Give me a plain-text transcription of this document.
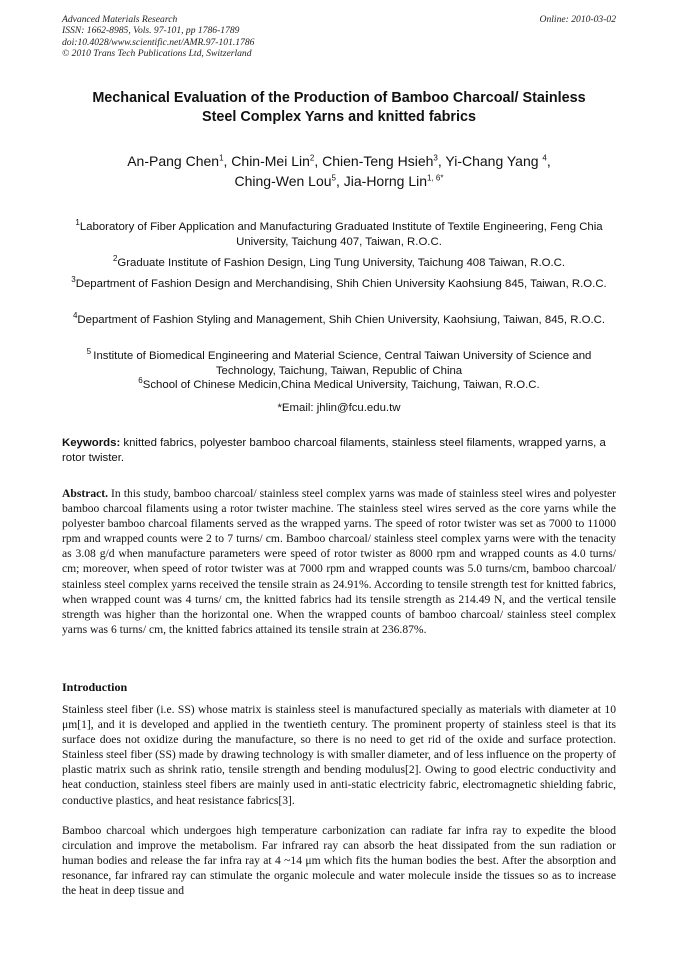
Advanced Materials Research
ISSN: 1662-8985, Vols. 97-101, pp 1786-1789
doi:10.4028/www.scientific.net/AMR.97-101.1786
© 2010 Trans Tech Publications Ltd, Switzerland
Online: 2010-03-02
Mechanical Evaluation of the Production of Bamboo Charcoal/ Stainless
Steel Complex Yarns and knitted fabrics
An-Pang Chen$^1$, Chin-Mei Lin$^2$, Chien-Teng Hsieh$^3$, Yi-Chang Yang $^4$,
Ching-Wen Lou$^5$, Jia-Horng Lin$^{1, 6*}$
$^1$Laboratory of Fiber Application and Manufacturing Graduated Institute of Textile Engineering, Feng Chia University, Taichung 407, Taiwan, R.O.C.
$^2$Graduate Institute of Fashion Design, Ling Tung University, Taichung 408 Taiwan, R.O.C.
$^3$Department of Fashion Design and Merchandising, Shih Chien University Kaohsiung 845, Taiwan, R.O.C.
$^4$Department of Fashion Styling and Management, Shih Chien University, Kaohsiung, Taiwan, 845, R.O.C.
$^5$ Institute of Biomedical Engineering and Material Science, Central Taiwan University of Science and Technology, Taichung, Taiwan, Republic of China
$^6$School of Chinese Medicin,China Medical University, Taichung, Taiwan, R.O.C.
*Email: jhlin@fcu.edu.tw
Keywords: knitted fabrics, polyester bamboo charcoal filaments, stainless steel filaments, wrapped yarns, a rotor twister.
Abstract. In this study, bamboo charcoal/ stainless steel complex yarns was made of stainless steel wires and polyester bamboo charcoal filaments using a rotor twister machine. The stainless steel wires served as the core yarns while the polyester bamboo charcoal filaments served as the wrapped yarns. The speed of rotor twister was set as 7000 to 11000 rpm and wrapped counts were 2 to 7 turns/ cm. Bamboo charcoal/ stainless steel complex yarns were with the tenacity as 3.08 g/d when manufacture parameters were speed of rotor twister as 8000 rpm and wrapped counts as 4.0 turns/ cm; moreover, when speed of rotor twister was at 7000 rpm and wrapped counts was 5.0 turns/cm, bamboo charcoal/ stainless steel complex yarns received the tensile strain as 24.91%. According to tensile strength test for knitted fabrics, when wrapped count was 4 turns/ cm, the knitted fabrics had its tensile strength as 214.49 N, and the vertical tensile strength was higher than the horizontal one. When the wrapped counts of bamboo charcoal/ stainless steel complex yarns was 6 turns/ cm, the knitted fabrics attained its tensile strain at 236.87%.
Introduction
Stainless steel fiber (i.e. SS) whose matrix is stainless steel is manufactured specially as materials with diameter at 10 μm[1], and it is developed and applied in the twentieth century. The prominent property of stainless steel is that its surface does not oxidize during the manufacture, so there is no need to get rid of the oxide and surface protection. Stainless steel fiber (SS) made by drawing technology is with smaller diameter, and of less influence on the property of plastic matrix such as shrink ratio, tensile strength and bending modulus[2]. Owing to good electric conductivity and heat conduction, stainless steel fibers are mainly used in anti-static electricity fabric, electromagnetic shielding fabric, conductive plastics, and heat resistance fabrics[3].
Bamboo charcoal which undergoes high temperature carbonization can radiate far infra ray to expedite the blood circulation and improve the metabolism. Far infrared ray can absorb the heat dissipated from the sun radiation or human bodies and release the far infra ray at 4 ~14 μm which fits the human bodies the best. After the absorption and resonance, far infrared ray can stimulate the organic molecule and water molecule inside the tissues so as to increase the heat in deep tissue and
